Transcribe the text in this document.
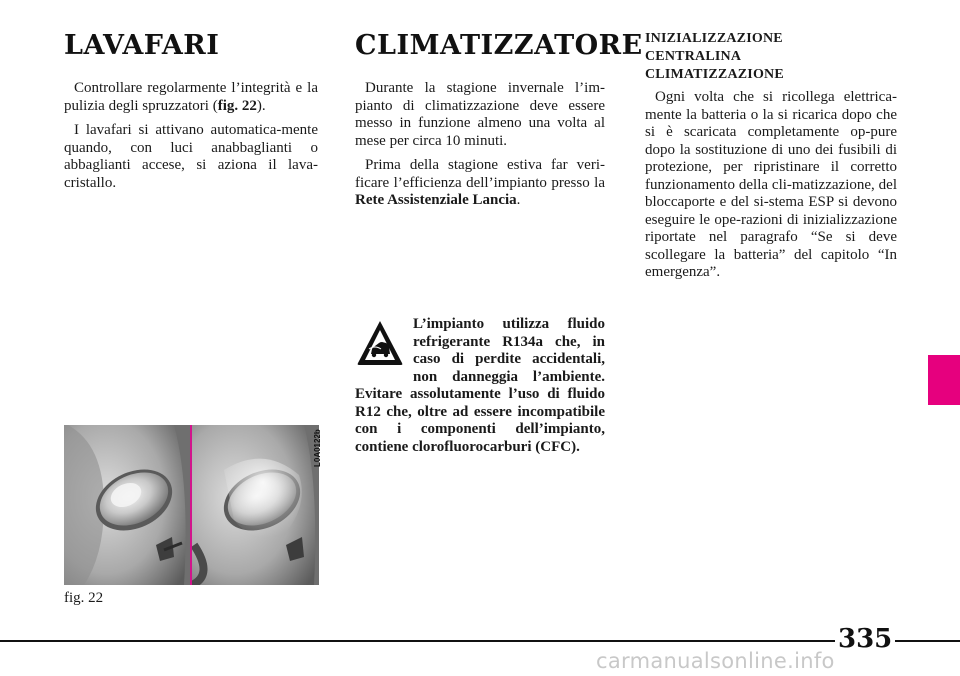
LAVAFARI

Controllare regolarmente l’integrità e la pulizia degli spruzzatori (fig. 22).

I lavafari si attivano automatica-mente quando, con luci anabbaglianti o abbaglianti accese, si aziona il lava-cristallo.

CLIMATIZZATORE

Durante la stagione invernale l’im-pianto di climatizzazione deve essere messo in funzione almeno una volta al mese per circa 10 minuti.

Prima della stagione estiva far veri-ficare l’efficienza dell’impianto presso la Rete Assistenziale Lancia.

L’impianto utilizza fluido refrigerante R134a che, in caso di perdite accidentali, non danneggia l’ambiente. Evitare assolutamente l’uso di fluido R12 che, oltre ad essere incompatibile con i componenti dell’impianto, contiene clorofluorocarburi (CFC).
INIZIALIZZAZIONE
CENTRALINA
CLIMATIZZAZIONE

Ogni volta che si ricollega elettrica-mente la batteria o la si ricarica dopo che si è scaricata completamente op-pure dopo la sostituzione di uno dei fusibili di protezione, per ripristinare il corretto funzionamento della cli-matizzazione, del bloccaporte e del si-stema ESP si devono eseguire le ope-razioni di inizializzazione riportate nel paragrafo “Se si deve scollegare la batteria” del capitolo “In emergenza”.

L0A0122b
fig. 22
335
carmanualsonline.info
